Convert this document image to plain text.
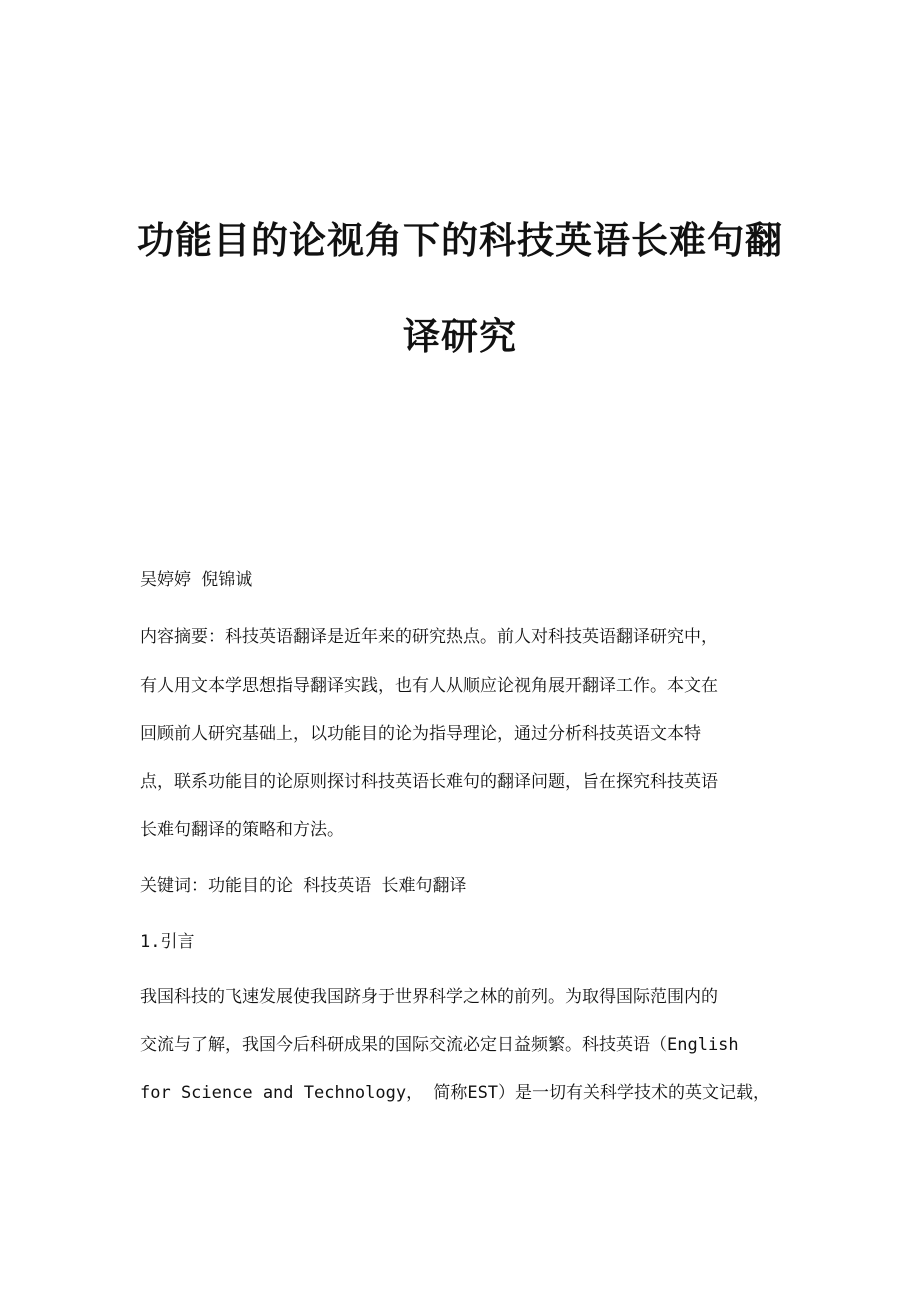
功能目的论视角下的科技英语长难句翻
译研究
吴婷婷 倪锦诚
内容摘要：科技英语翻译是近年来的研究热点。前人对科技英语翻译研究中，
有人用文本学思想指导翻译实践，也有人从顺应论视角展开翻译工作。本文在
回顾前人研究基础上，以功能目的论为指导理论，通过分析科技英语文本特
点，联系功能目的论原则探讨科技英语长难句的翻译问题，旨在探究科技英语
长难句翻译的策略和方法。
关键词：功能目的论 科技英语 长难句翻译
1.引言
我国科技的飞速发展使我国跻身于世界科学之林的前列。为取得国际范围内的
交流与了解，我国今后科研成果的国际交流必定日益频繁。科技英语（English
for Science and Technology， 简称EST）是一切有关科学技术的英文记载，
